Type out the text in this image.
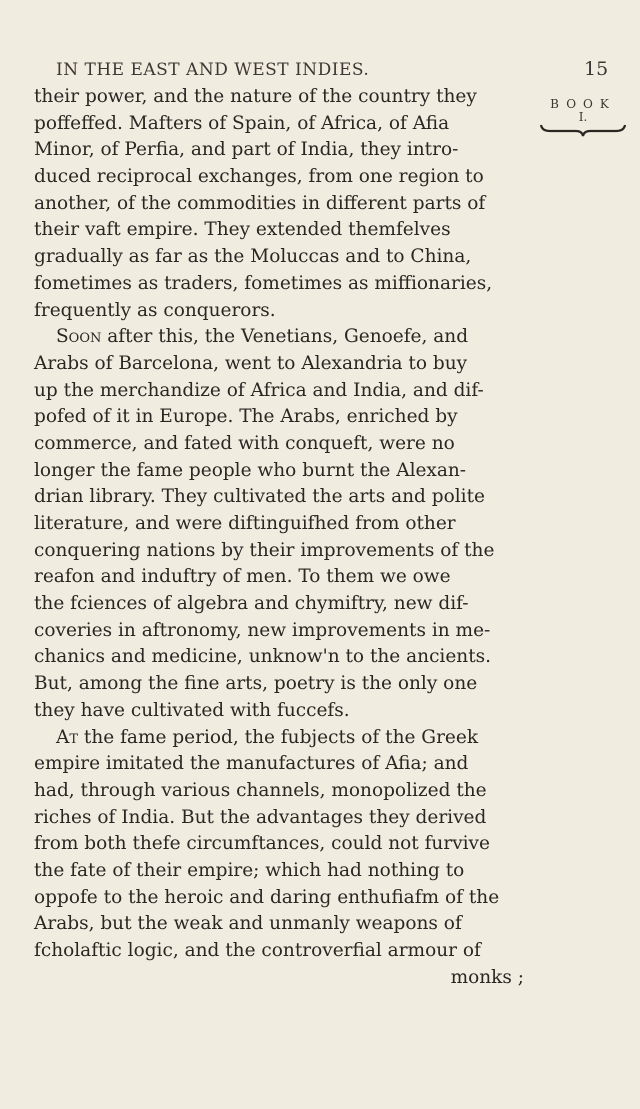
IN THE EAST AND WEST INDIES.	15
BOOK
I.
their power, and the nature of the country they
poffeffed. Mafters of Spain, of Africa, of Afia
Minor, of Perfia, and part of India, they intro-
duced reciprocal exchanges, from one region to
another, of the commodities in different parts of
their vaft empire. They extended themfelves
gradually as far as the Moluccas and to China,
fometimes as traders, fometimes as miffionaries,
frequently as conquerors.
Soon after this, the Venetians, Genoefe, and
Arabs of Barcelona, went to Alexandria to buy
up the merchandize of Africa and India, and dif-
pofed of it in Europe. The Arabs, enriched by
commerce, and fated with conqueft, were no
longer the fame people who burnt the Alexan-
drian library. They cultivated the arts and polite
literature, and were diftinguifhed from other
conquering nations by their improvements of the
reafon and induftry of men. To them we owe
the fciences of algebra and chymiftry, new dif-
coveries in aftronomy, new improvements in me-
chanics and medicine, unknow'n to the ancients.
But, among the fine arts, poetry is the only one
they have cultivated with fuccefs.
At the fame period, the fubjects of the Greek
empire imitated the manufactures of Afia; and
had, through various channels, monopolized the
riches of India. But the advantages they derived
from both thefe circumftances, could not furvive
the fate of their empire; which had nothing to
oppofe to the heroic and daring enthufiafm of the
Arabs, but the weak and unmanly weapons of
fcholaftic logic, and the controverfial armour of
monks ;
